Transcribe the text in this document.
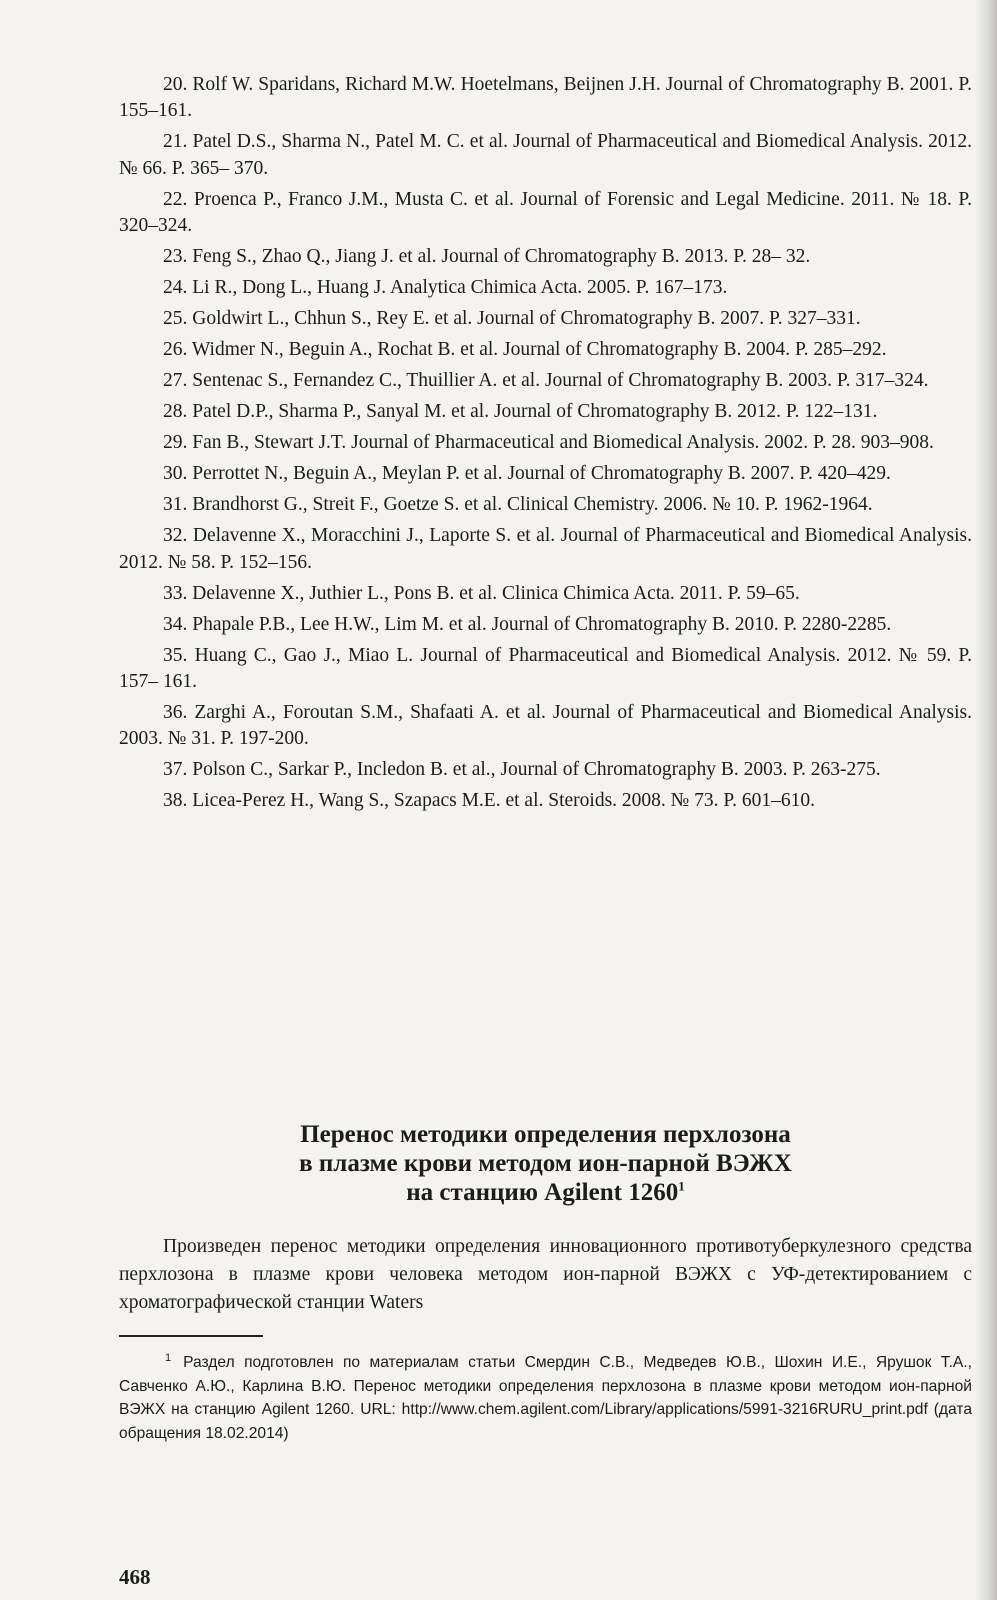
20. Rolf W. Sparidans, Richard M.W. Hoetelmans, Beijnen J.H. Journal of Chromatography B. 2001. P. 155–161.

21. Patel D.S., Sharma N., Patel M. C. et al. Journal of Pharmaceutical and Biomedical Analysis. 2012. № 66. P. 365– 370.

22. Proenca P., Franco J.M., Musta C. et al. Journal of Forensic and Legal Medicine. 2011. № 18. P. 320–324.

23. Feng S., Zhao Q., Jiang J. et al. Journal of Chromatography B. 2013. P. 28– 32.

24. Li R., Dong L., Huang J. Analytica Chimica Acta. 2005. P. 167–173.

25. Goldwirt L., Chhun S., Rey E. et al. Journal of Chromatography B. 2007. P. 327–331.

26. Widmer N., Beguin A., Rochat B. et al. Journal of Chromatography B. 2004. P. 285–292.

27. Sentenac S., Fernandez C., Thuillier A. et al. Journal of Chromatography B. 2003. P. 317–324.

28. Patel D.P., Sharma P., Sanyal M. et al. Journal of Chromatography B. 2012. P. 122–131.

29. Fan B., Stewart J.T. Journal of Pharmaceutical and Biomedical Analysis. 2002. P. 28. 903–908.

30. Perrottet N., Beguin A., Meylan P. et al. Journal of Chromatography B. 2007. P. 420–429.

31. Brandhorst G., Streit F., Goetze S. et al. Clinical Chemistry. 2006. № 10. P. 1962-1964.

32. Delavenne X., Moracchini J., Laporte S. et al. Journal of Pharmaceutical and Biomedical Analysis. 2012. № 58. P. 152–156.

33. Delavenne X., Juthier L., Pons B. et al. Clinica Chimica Acta. 2011. P. 59–65.

34. Phapale P.B., Lee H.W., Lim M. et al. Journal of Chromatography B. 2010. P. 2280-2285.

35. Huang C., Gao J., Miao L. Journal of Pharmaceutical and Biomedical Analysis. 2012. № 59. P. 157– 161.

36. Zarghi A., Foroutan S.M., Shafaati A. et al. Journal of Pharmaceutical and Biomedical Analysis. 2003. № 31. P. 197-200.

37. Polson C., Sarkar P., Incledon B. et al., Journal of Chromatography B. 2003. P. 263-275.

38. Licea-Perez H., Wang S., Szapacs M.E. et al. Steroids. 2008. № 73. P. 601–610.

Перенос методики определения перхлозона
в плазме крови методом ион-парной ВЭЖХ
на станцию Agilent 1260$^1$

Произведен перенос методики определения инновационного противотуберкулезного средства перхлозона в плазме крови человека методом ион-парной ВЭЖХ с УФ-детектированием с хроматографической станции Waters

$^1$ Раздел подготовлен по материалам статьи Смердин С.В., Медведев Ю.В., Шохин И.Е., Ярушок Т.А., Савченко А.Ю., Карлина В.Ю. Перенос методики определения перхлозона в плазме крови методом ион-парной ВЭЖХ на станцию Agilent 1260. URL: http://www.chem.agilent.com/Library/applications/5991-3216RURU_print.pdf (дата обращения 18.02.2014)

468
